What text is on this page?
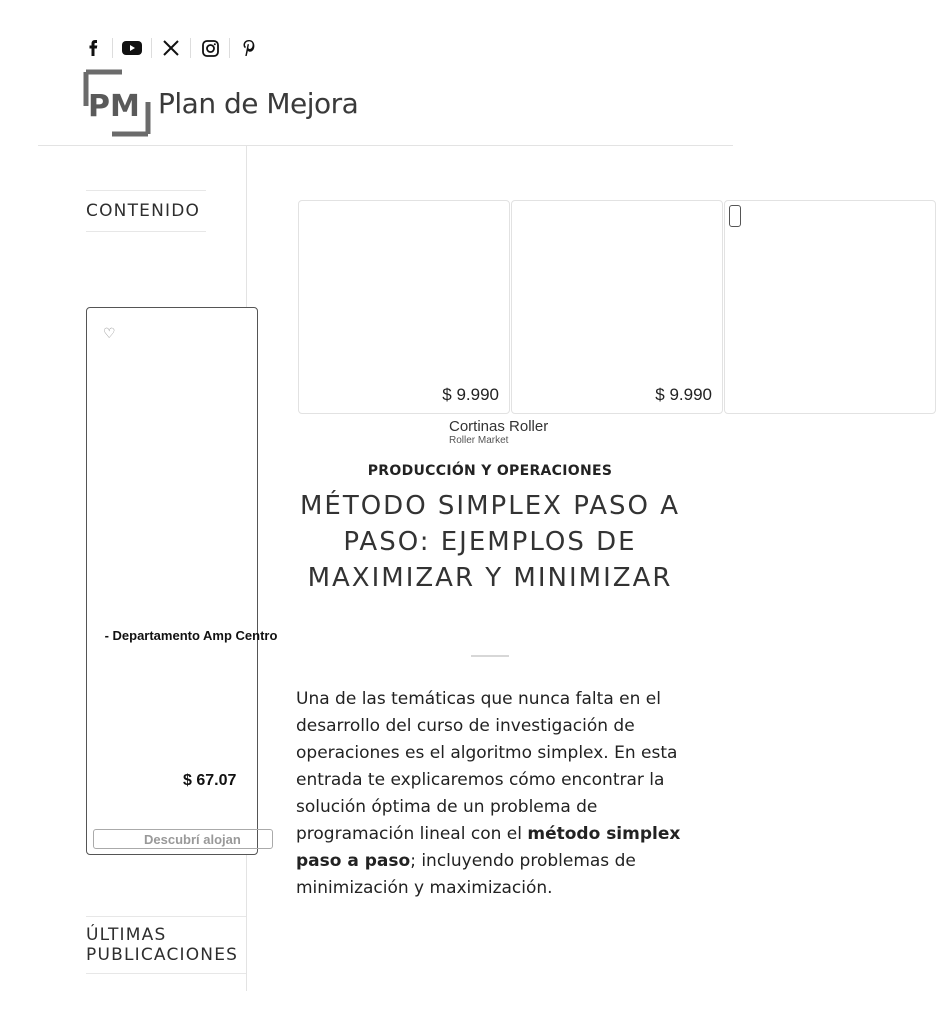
PM Plan de Mejora
CONTENIDO
♡
- Departamento Amp Centro
$ 67.07
Descubrí alojan
ÚLTIMAS PUBLICACIONES
$ 9.990	$ 9.990
Cortinas Roller
Roller Market
PRODUCCIÓN Y OPERACIONES
MÉTODO SIMPLEX PASO A PASO: EJEMPLOS DE MAXIMIZAR Y MINIMIZAR

Una de las temáticas que nunca falta en el desarrollo del curso de investigación de operaciones es el algoritmo simplex. En esta entrada te explicaremos cómo encontrar la solución óptima de un problema de programación lineal con el método simplex paso a paso; incluyendo problemas de minimización y maximización.
